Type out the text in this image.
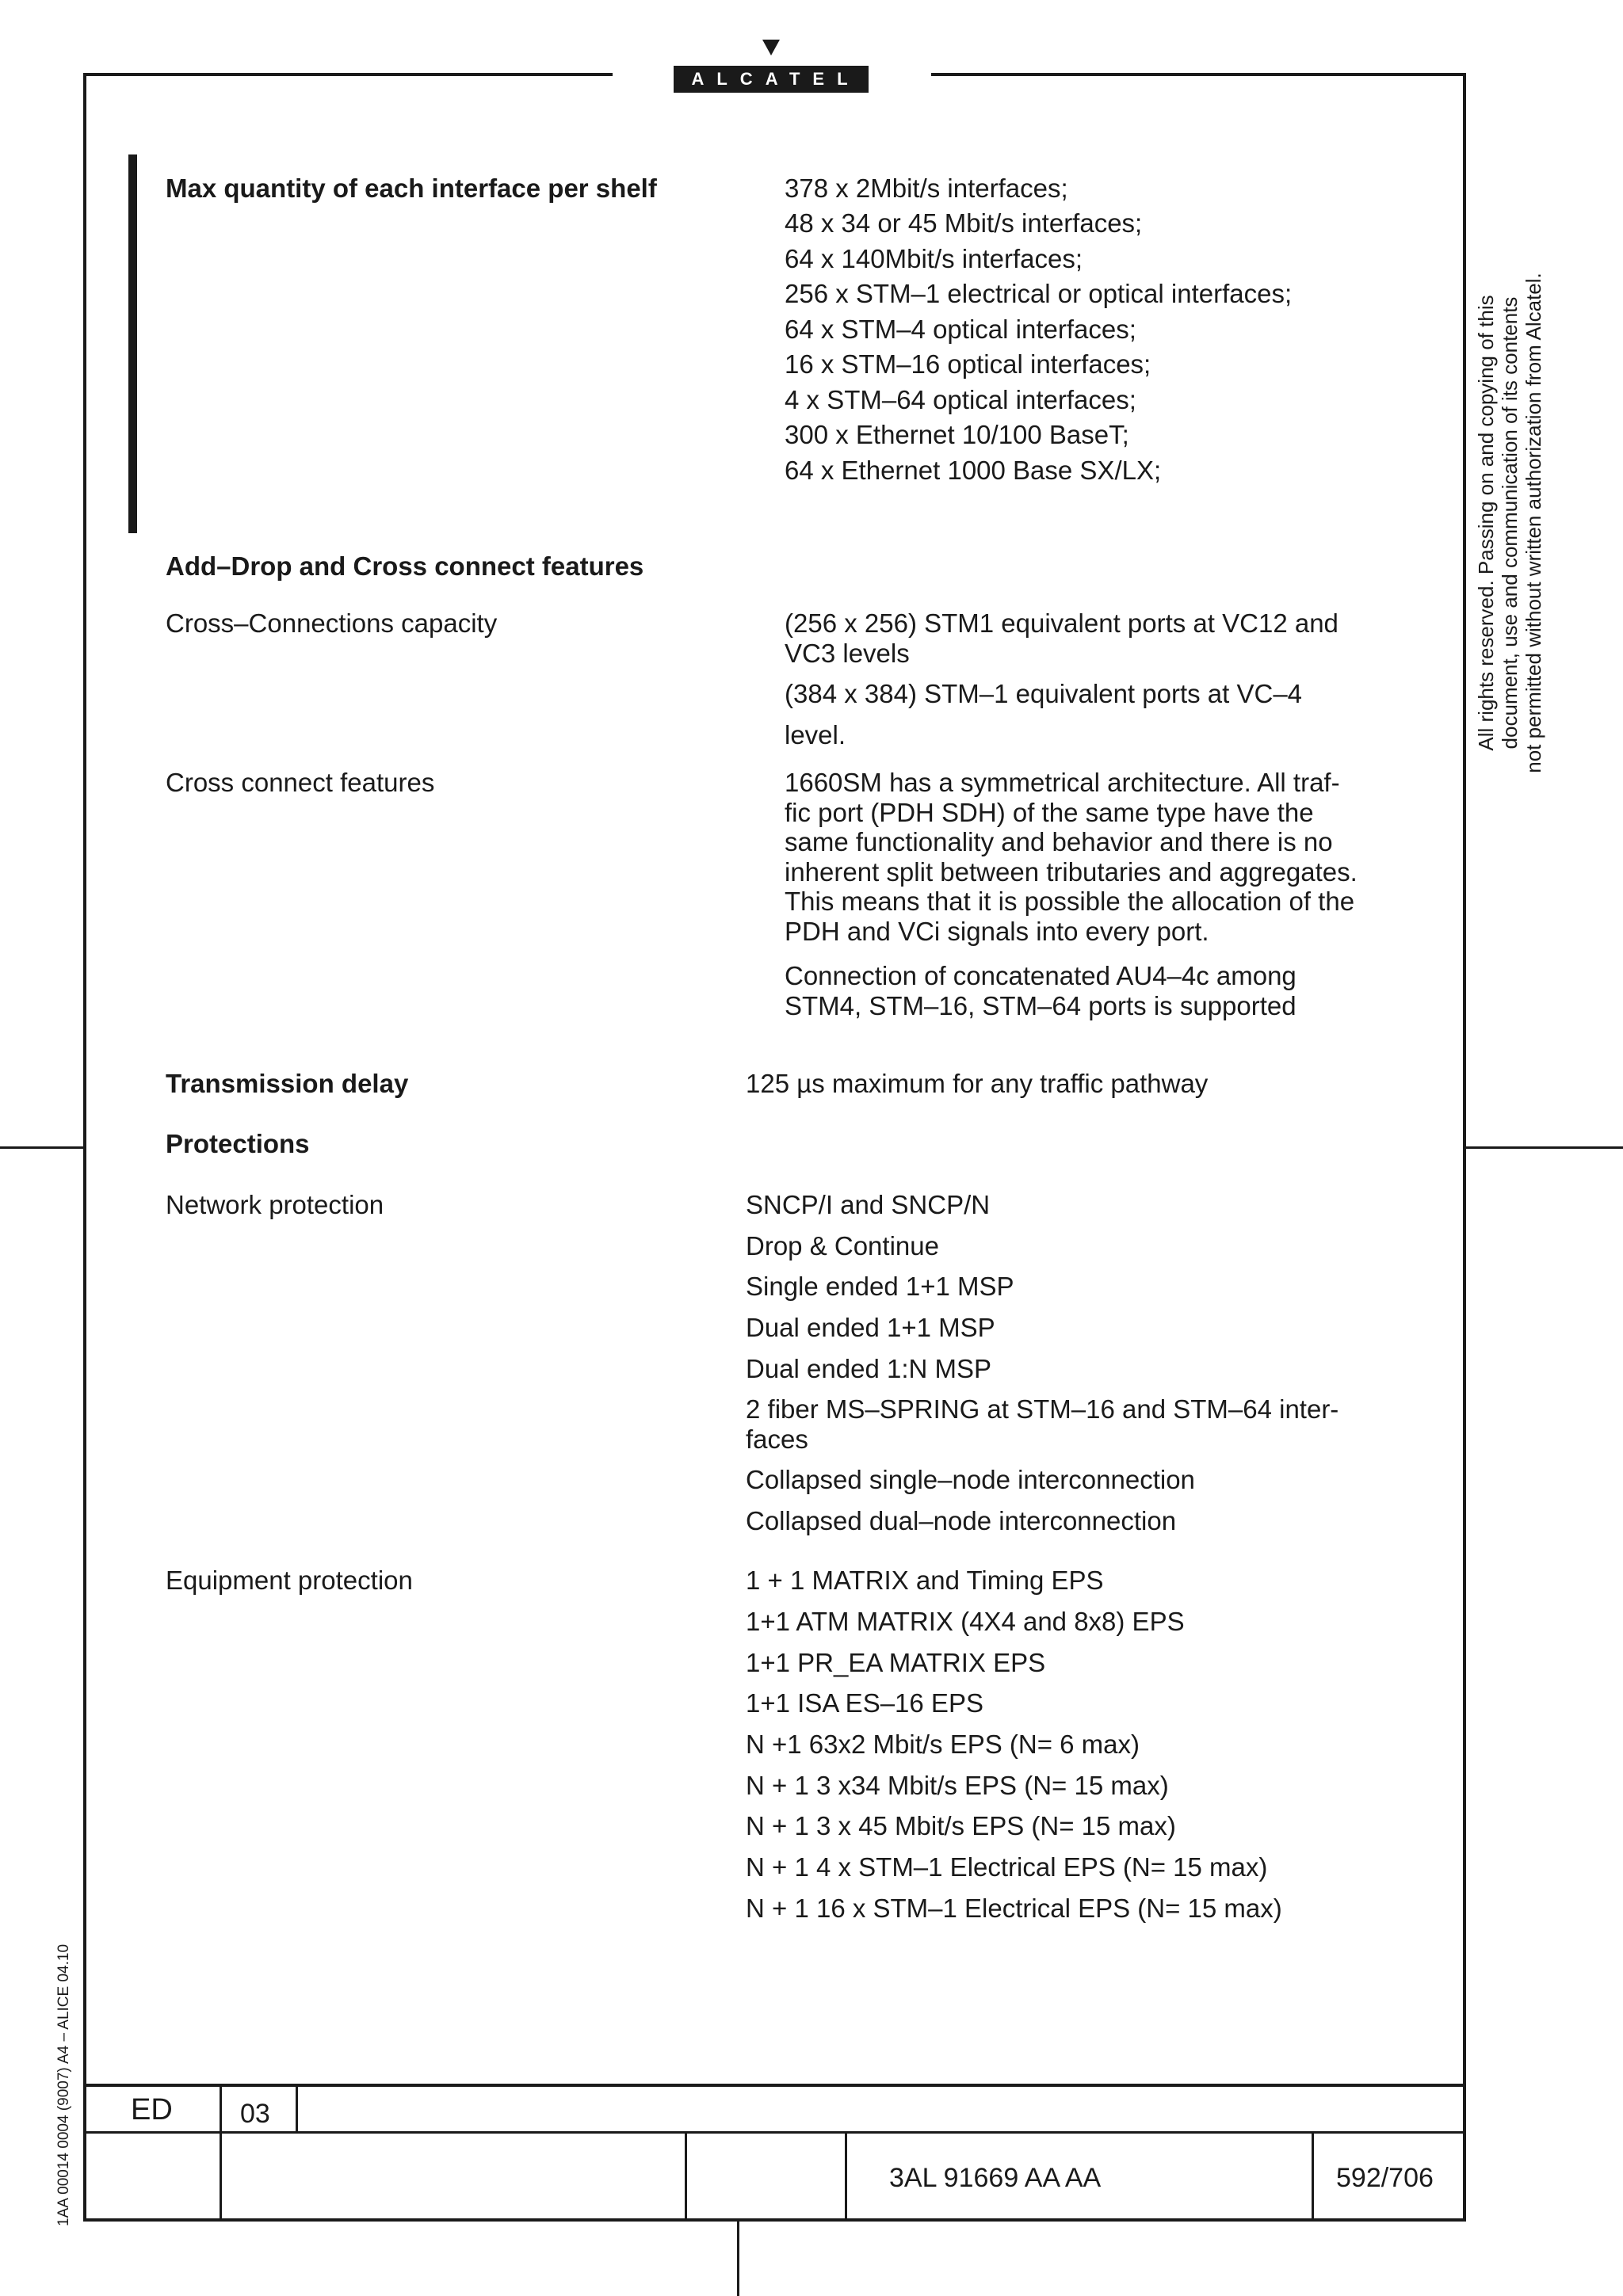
ALCATEL
Max quantity of each interface per shelf	378 x 2Mbit/s interfaces;
48 x 34 or 45 Mbit/s interfaces;
64 x 140Mbit/s interfaces;
256 x STM–1 electrical or optical interfaces;
64 x STM–4 optical interfaces;
16 x STM–16 optical interfaces;
4 x STM–64 optical interfaces;
300 x Ethernet 10/100 BaseT;
64 x Ethernet 1000 Base SX/LX;
Add–Drop and Cross connect features
Cross–Connections capacity	(256 x 256) STM1 equivalent ports at VC12 and
VC3 levels
(384 x 384) STM–1 equivalent ports at VC–4
level.
Cross connect features	1660SM has a symmetrical architecture. All traf-
fic port (PDH SDH) of the same type have the
same functionality and behavior and there is no
inherent split between tributaries and aggregates.
This means that it is possible the allocation of the
PDH and VCi signals into every port.
Connection of concatenated AU4–4c among
STM4, STM–16, STM–64 ports is supported
Transmission delay	125 µs maximum for any traffic pathway
Protections
Network protection	SNCP/I and SNCP/N
Drop & Continue
Single ended 1+1 MSP
Dual ended 1+1 MSP
Dual ended 1:N MSP
2 fiber MS–SPRING at STM–16 and STM–64 inter-
faces
Collapsed single–node interconnection
Collapsed dual–node interconnection
Equipment protection	1 + 1 MATRIX and Timing EPS
1+1 ATM MATRIX (4X4 and 8x8) EPS
1+1 PR_EA MATRIX EPS
1+1 ISA ES–16 EPS
N +1 63x2 Mbit/s EPS (N= 6 max)
N + 1 3 x34 Mbit/s EPS (N= 15 max)
N + 1 3 x 45 Mbit/s EPS (N= 15 max)
N + 1 4 x STM–1 Electrical EPS (N= 15 max)
N + 1 16 x STM–1 Electrical EPS (N= 15 max)
All rights reserved. Passing on and copying of this
document, use and communication of its contents
not permitted without written authorization from Alcatel.
1AA 00014 0004 (9007) A4 – ALICE 04.10 ED	03
3AL 91669 AA AA	592/706
